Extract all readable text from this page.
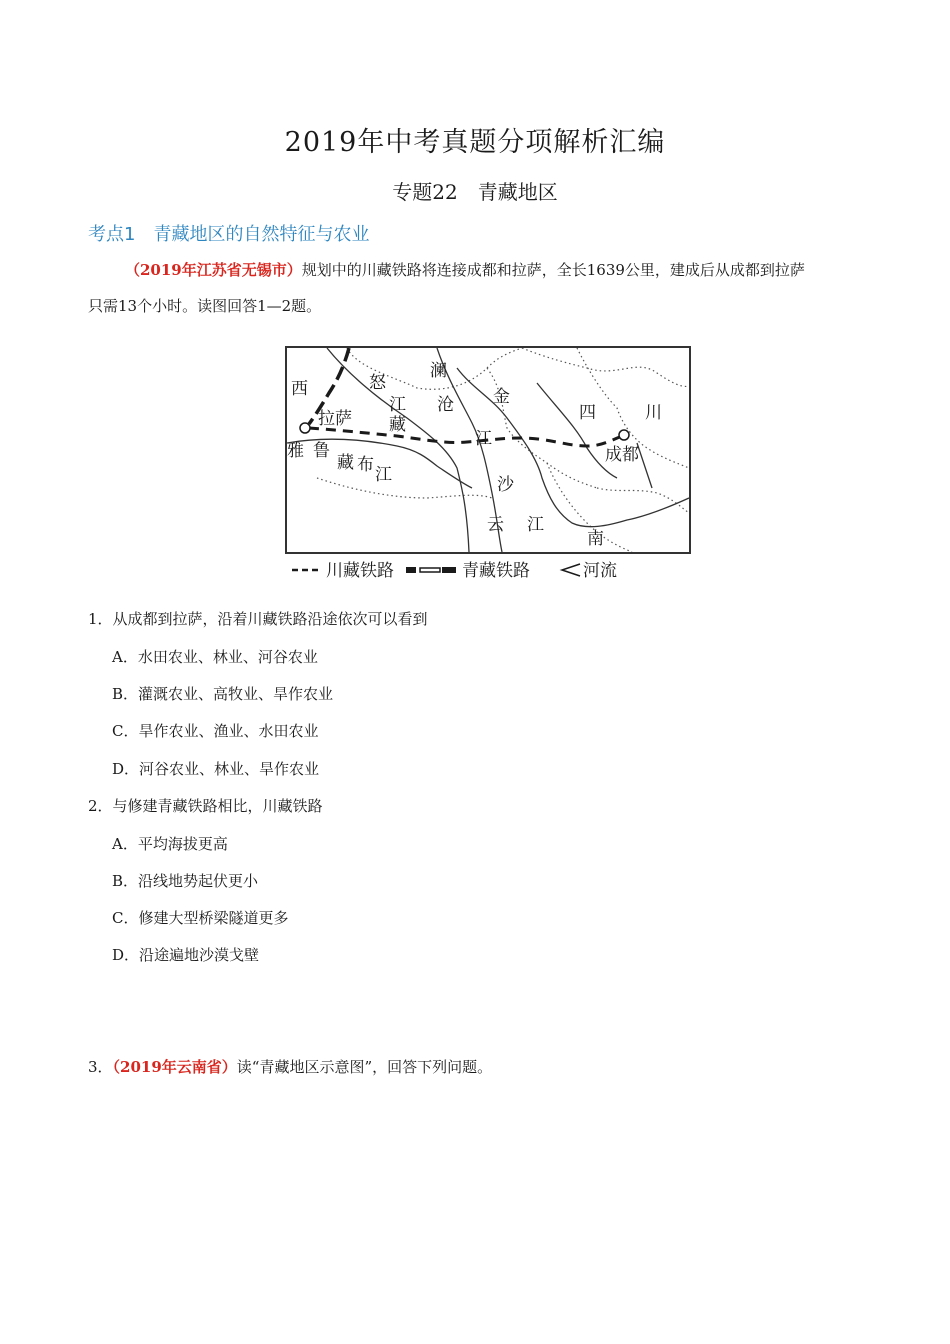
2019年中考真题分项解析汇编
专题22　青藏地区
考点1　青藏地区的自然特征与农业
（2019年江苏省无锡市）规划中的川藏铁路将连接成都和拉萨，全长1639公里，建成后从成都到拉萨
只需13个小时。读图回答1—2题。
西	怒
澜
拉萨
江 沧 金
四	川
藏
江
雅 鲁
藏 布 江
成都
沙
云 江
南
川藏铁路	青藏铁路	河流
1．从成都到拉萨，沿着川藏铁路沿途依次可以看到
A．水田农业、林业、河谷农业
B．灌溉农业、高牧业、旱作农业
C．旱作农业、渔业、水田农业
D．河谷农业、林业、旱作农业
2．与修建青藏铁路相比，川藏铁路
A．平均海拔更高
B．沿线地势起伏更小
C．修建大型桥梁隧道更多
D．沿途遍地沙漠戈壁
3．（2019年云南省）读“青藏地区示意图”，回答下列问题。
